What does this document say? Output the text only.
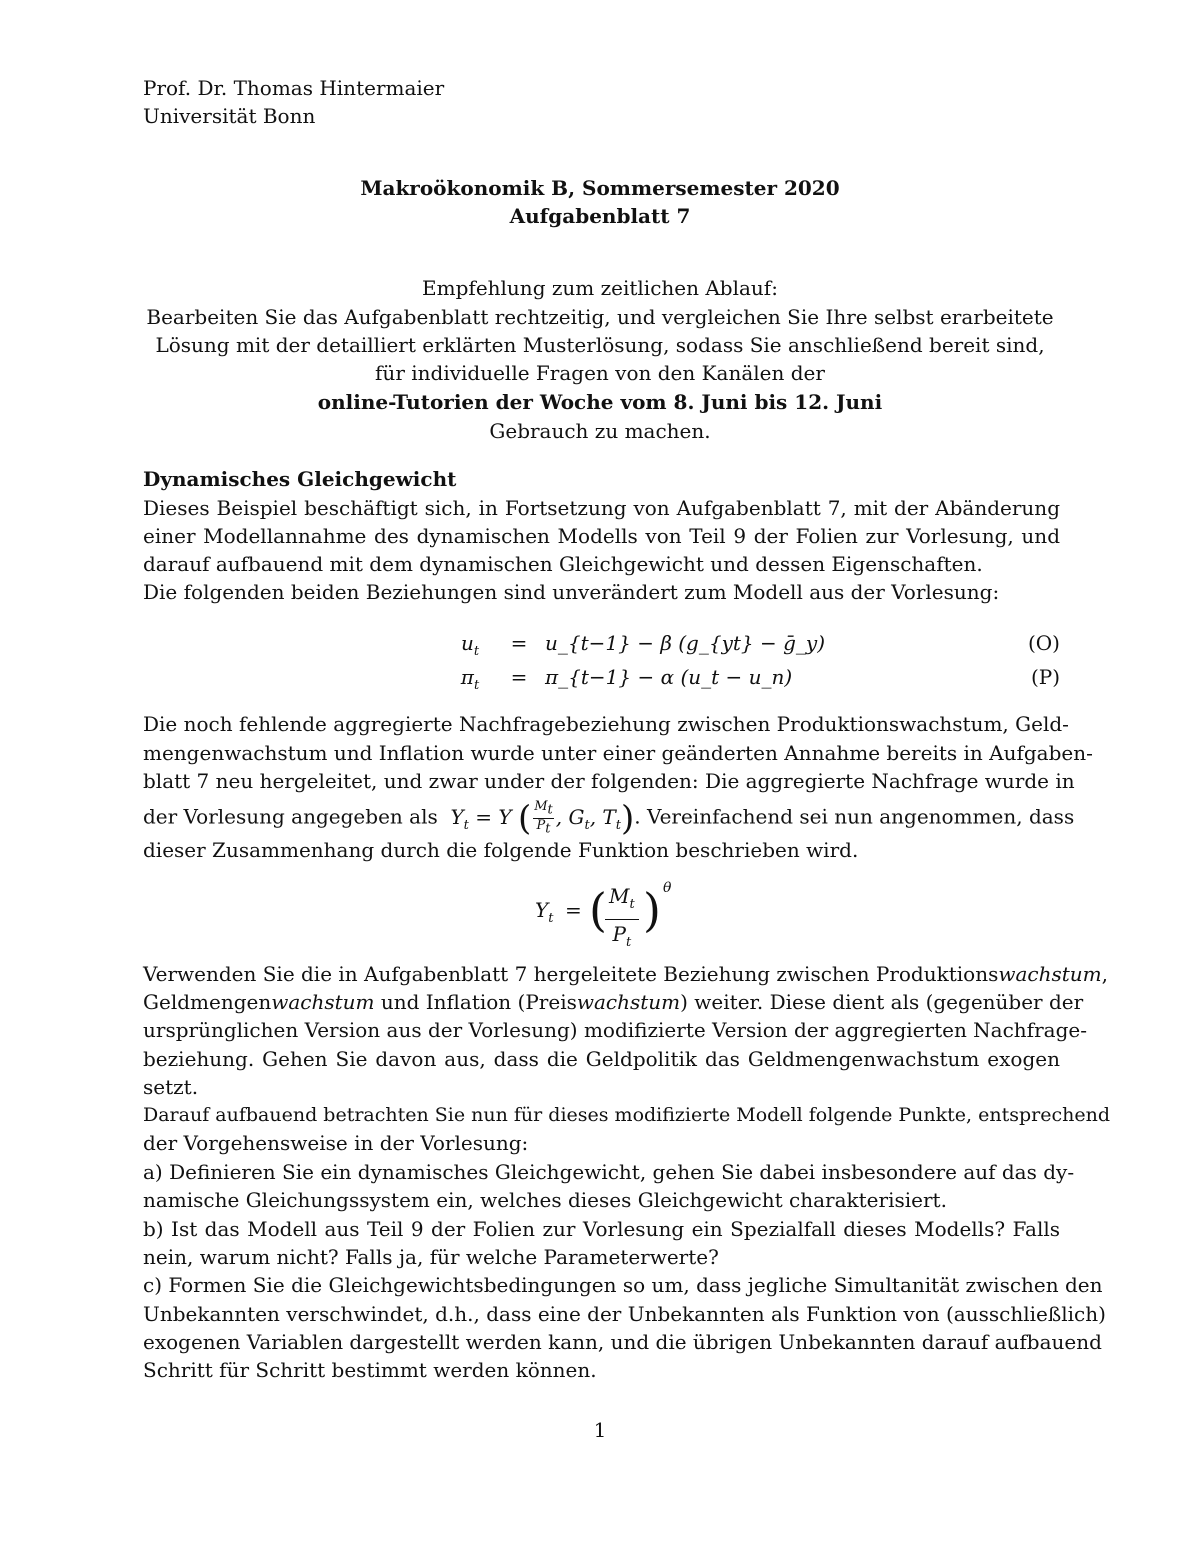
Prof. Dr. Thomas Hintermaier
Universität Bonn
Makroökonomik B, Sommersemester 2020
Aufgabenblatt 7
Empfehlung zum zeitlichen Ablauf:
Bearbeiten Sie das Aufgabenblatt rechtzeitig, und vergleichen Sie Ihre selbst erarbeitete
Lösung mit der detailliert erklärten Musterlösung, sodass Sie anschließend bereit sind,
für individuelle Fragen von den Kanälen der
online-Tutorien der Woche vom 8. Juni bis 12. Juni
Gebrauch zu machen.
Dynamisches Gleichgewicht
Dieses Beispiel beschäftigt sich, in Fortsetzung von Aufgabenblatt 7, mit der Abänderung
einer Modellannahme des dynamischen Modells von Teil 9 der Folien zur Vorlesung, und
darauf aufbauend mit dem dynamischen Gleichgewicht und dessen Eigenschaften.
Die folgenden beiden Beziehungen sind unverändert zum Modell aus der Vorlesung:
$u_t$	= u_{t−1} − β (g_{yt} − ḡ_y)	(O)
$\pi_t$	= π_{t−1} − α (u_t − u_n)	(P)
Die noch fehlende aggregierte Nachfragebeziehung zwischen Produktionswachstum, Geld-
mengenwachstum und Inflation wurde unter einer geänderten Annahme bereits in Aufgaben-
blatt 7 neu hergeleitet, und zwar under der folgenden: Die aggregierte Nachfrage wurde in
der Vorlesung angegeben als  $Y_t = Y$ ( $\frac{M_t}{P_t}$ , $G_t$, $T_t$). Vereinfachend sei nun angenommen, dass
dieser Zusammenhang durch die folgende Funktion beschrieben wird.
$Y_t$ = (
$\frac{M_t}{P_t}$ ) θ
Verwenden Sie die in Aufgabenblatt 7 hergeleitete Beziehung zwischen Produktionswachstum,
Geldmengenwachstum und Inflation (Preiswachstum) weiter. Diese dient als (gegenüber der
ursprünglichen Version aus der Vorlesung) modifizierte Version der aggregierten Nachfrage-
beziehung. Gehen Sie davon aus, dass die Geldpolitik das Geldmengenwachstum exogen
setzt.
Darauf aufbauend betrachten Sie nun für dieses modifizierte Modell folgende Punkte, entsprechend
der Vorgehensweise in der Vorlesung:
a) Definieren Sie ein dynamisches Gleichgewicht, gehen Sie dabei insbesondere auf das dy-
namische Gleichungssystem ein, welches dieses Gleichgewicht charakterisiert.
b) Ist das Modell aus Teil 9 der Folien zur Vorlesung ein Spezialfall dieses Modells? Falls
nein, warum nicht? Falls ja, für welche Parameterwerte?
c) Formen Sie die Gleichgewichtsbedingungen so um, dass jegliche Simultanität zwischen den
Unbekannten verschwindet, d.h., dass eine der Unbekannten als Funktion von (ausschließlich)
exogenen Variablen dargestellt werden kann, und die übrigen Unbekannten darauf aufbauend
Schritt für Schritt bestimmt werden können.
1
